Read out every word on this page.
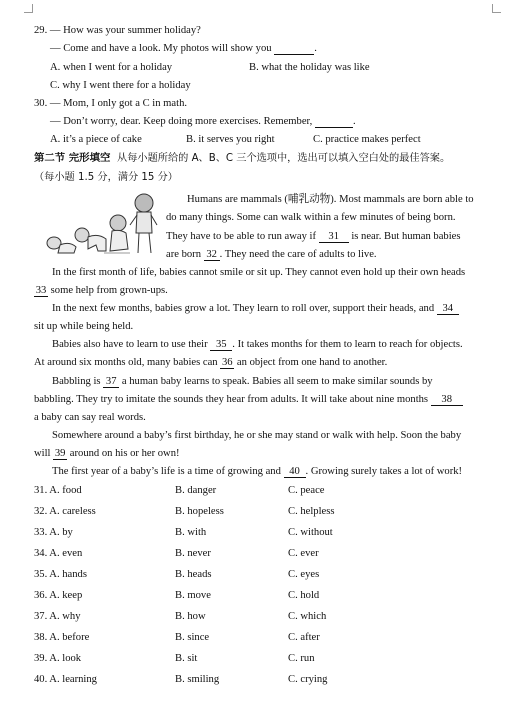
29. — How was your summer holiday?
— Come and have a look. My photos will show you	.
A. when I went for a holiday	B. what the holiday was like
C. why I went there for a holiday
30. — Mom, I only got a C in math.
— Don’t worry, dear. Keep doing more exercises. Remember,	.
A. it’s a piece of cake	B. it serves you right	C. practice makes perfect
第二节 完形填空 从每小题所给的 A、B、C 三个选项中，选出可以填入空白处的最佳答案。
（每小题 1.5 分，满分 15 分）
Humans are mammals (哺乳动物). Most mammals are born able to
do many things. Some can walk within a few minutes of being born.
They have to be able to run away if 31 is near. But human babies
are born 32 . They need the care of adults to live.
In the first month of life, babies cannot smile or sit up. They cannot even hold up their own heads
33 some help from grown-ups.
In the next few months, babies grow a lot. They learn to roll over, support their heads, and 34
sit up while being held.
Babies also have to learn to use their 35 . It takes months for them to learn to reach for objects.
At around six months old, many babies can 36 an object from one hand to another.
Babbling is 37 a human baby learns to speak. Babies all seem to make similar sounds by
babbling. They try to imitate the sounds they hear from adults. It will take about nine months 38
a baby can say real words.
Somewhere around a baby’s first birthday, he or she may stand or walk with help. Soon the baby
will 39 around on his or her own!
The first year of a baby’s life is a time of growing and 40 . Growing surely takes a lot of work!
31. A. food	B. danger	C. peace
32. A. careless	B. hopeless	C. helpless
33. A. by	B. with	C. without
34. A. even	B. never	C. ever
35. A. hands	B. heads	C. eyes
36. A. keep	B. move	C. hold
37. A. why	B. how	C. which
38. A. before	B. since	C. after
39. A. look	B. sit	C. run
40. A. learning	B. smiling	C. crying
